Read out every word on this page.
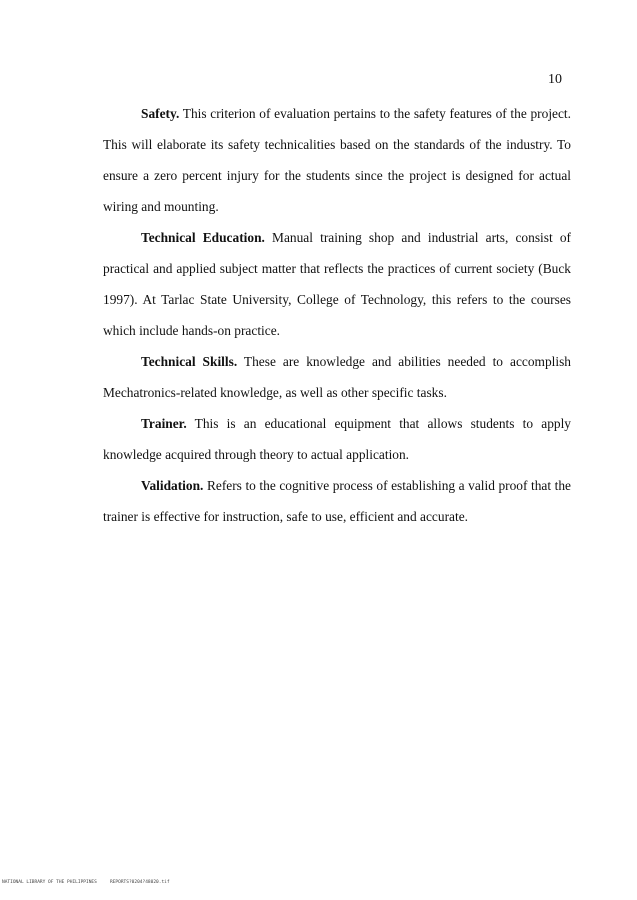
10

Safety. This criterion of evaluation pertains to the safety features of the project. This will elaborate its safety technicalities based on the standards of the industry. To ensure a zero percent injury for the students since the project is designed for actual wiring and mounting.

Technical Education. Manual training shop and industrial arts, consist of practical and applied subject matter that reflects the practices of current society (Buck 1997). At Tarlac State University, College of Technology, this refers to the courses which include hands-on practice.

Technical Skills. These are knowledge and abilities needed to accomplish Mechatronics-related knowledge, as well as other specific tasks.

Trainer. This is an educational equipment that allows students to apply knowledge acquired through theory to actual application.

Validation. Refers to the cognitive process of establishing a valid proof that the trainer is effective for instruction, safe to use, efficient and accurate.

NATIONAL LIBRARY OF THE PHILIPPINES

	REPORTS?0204?48020.tif
